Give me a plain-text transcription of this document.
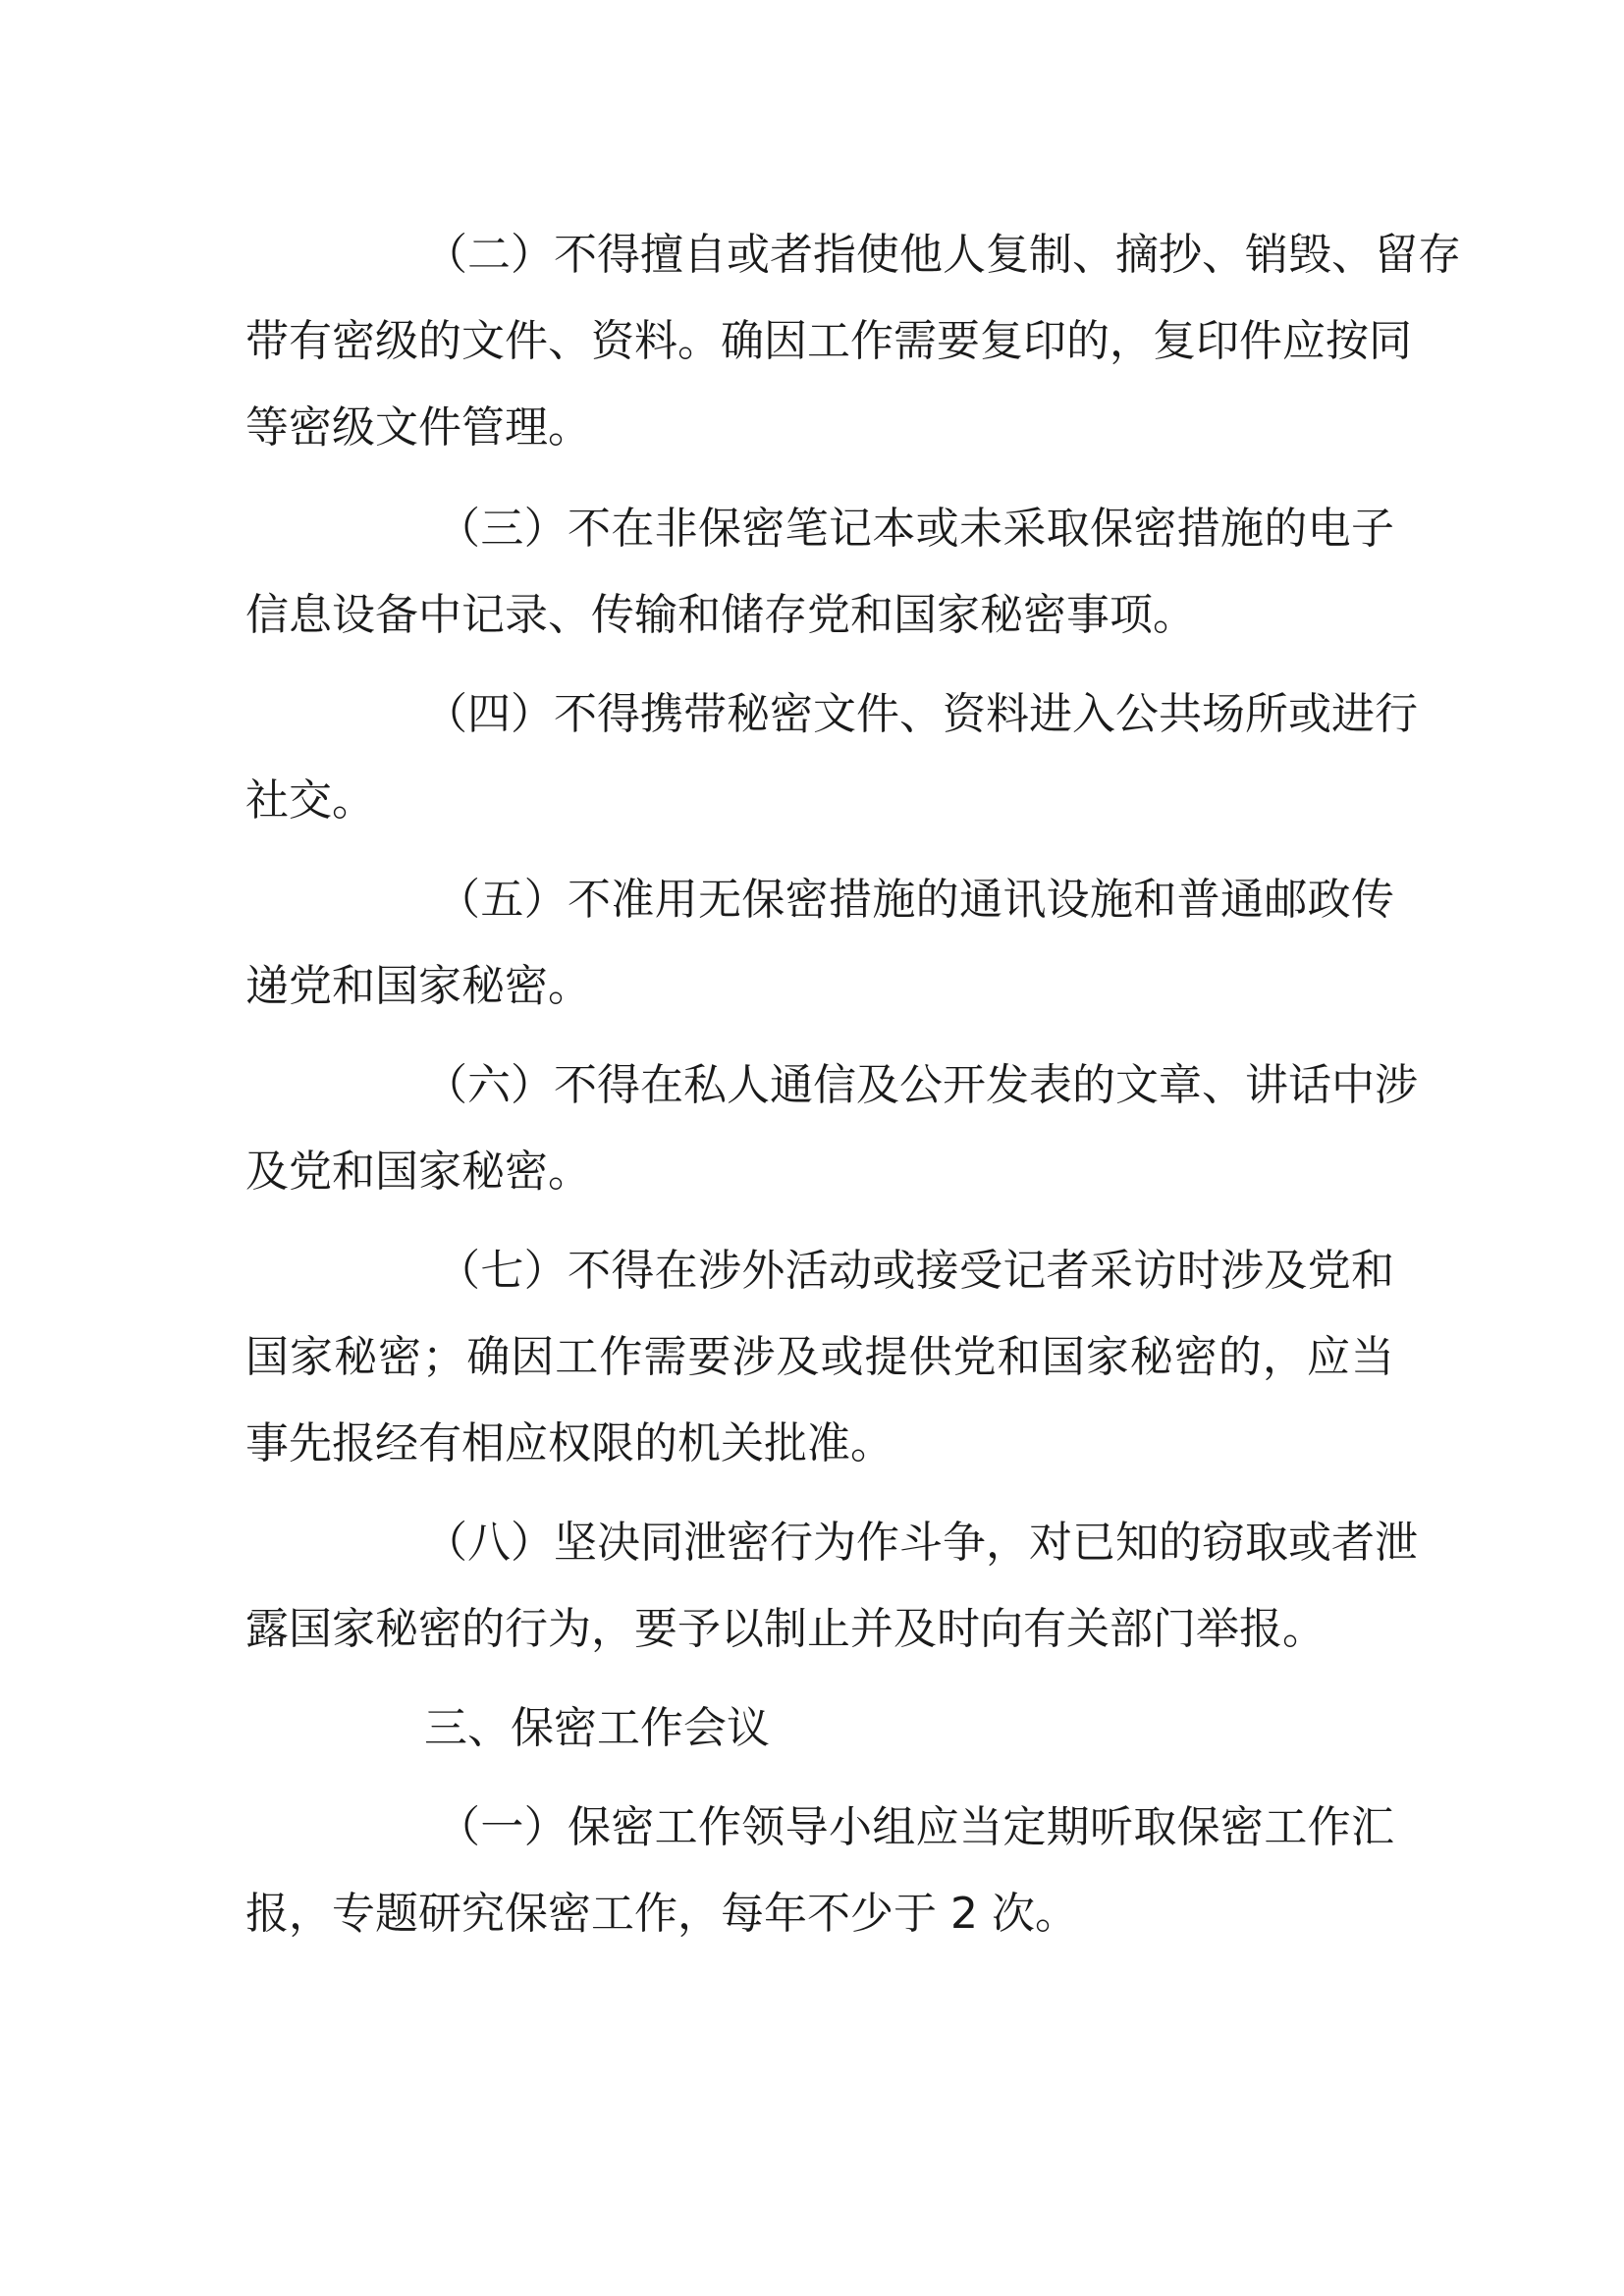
（二）不得擅自或者指使他人复制、摘抄、销毁、留存
带有密级的文件、资料。确因工作需要复印的，复印件应按同
等密级文件管理。
（三）不在非保密笔记本或未采取保密措施的电子
信息设备中记录、传输和储存党和国家秘密事项。
（四）不得携带秘密文件、资料进入公共场所或进行
社交。
（五）不准用无保密措施的通讯设施和普通邮政传
递党和国家秘密。
（六）不得在私人通信及公开发表的文章、讲话中涉
及党和国家秘密。
（七）不得在涉外活动或接受记者采访时涉及党和
国家秘密；确因工作需要涉及或提供党和国家秘密的，应当
事先报经有相应权限的机关批准。
（八）坚决同泄密行为作斗争，对已知的窃取或者泄
露国家秘密的行为，要予以制止并及时向有关部门举报。
三、保密工作会议
（一）保密工作领导小组应当定期听取保密工作汇
报，专题研究保密工作，每年不少于 2 次。
